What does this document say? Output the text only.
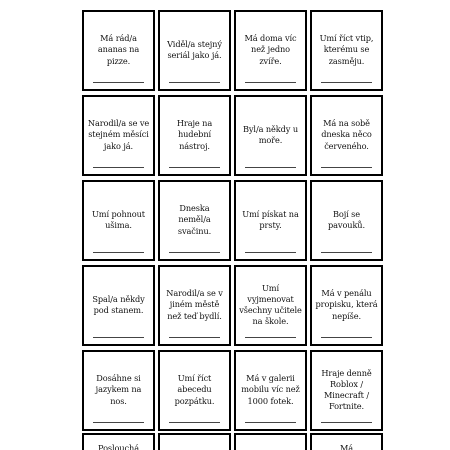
Má rád/a ananas na pizze.
Viděl/a stejný seriál jako já.
Má doma víc než jedno zvíře.
Umí říct vtip, kterému se zasměju.
Narodil/a se ve stejném měsíci jako já.
Hraje na hudební nástroj.
Byl/a někdy u moře.
Má na sobě dneska něco červeného.
Umí pohnout ušima.
Dneska neměl/a svačinu.
Umí pískat na prsty.
Bojí se pavouků.
Spal/a někdy pod stanem.
Narodil/a se v jiném městě než teď bydlí.
Umí vyjmenovat všechny učitele na škole.
Má v penálu propisku, která nepíše.
Dosáhne si jazykem na nos.
Umí říct abecedu pozpátku.
Má v galerii mobilu víc než 1000 fotek.
Hraje denně Roblox / Minecraft / Fortnite.
Poslouchá	Má
